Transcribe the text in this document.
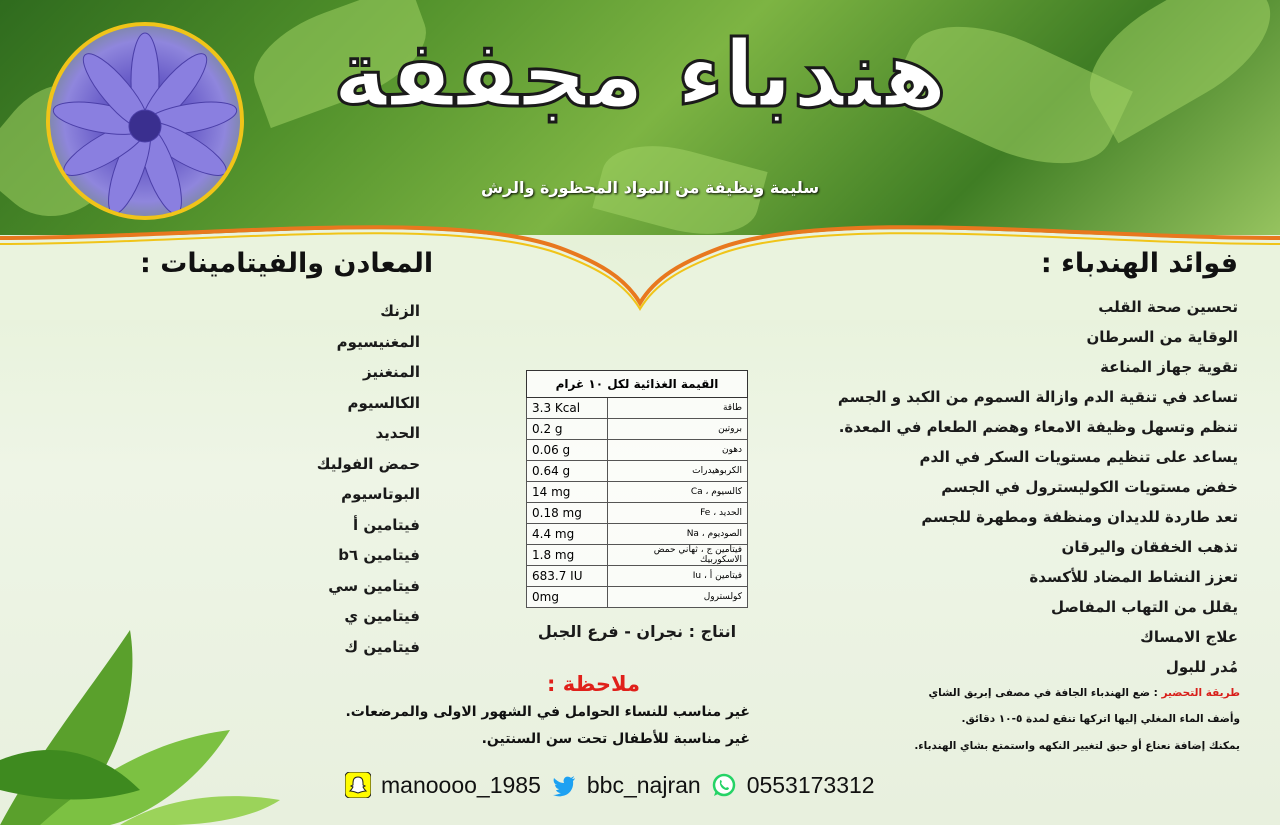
هندباء مجففة
سليمة ونظيفة من المواد المحظورة والرش
فوائد الهندباء :
تحسين صحة القلب
الوقاية من السرطان
تقوية جهاز المناعة
تساعد في تنقية الدم وازالة السموم من الكبد و الجسم
تنظم وتسهل وظيفة الامعاء وهضم الطعام في المعدة.
يساعد على تنظيم مستويات السكر في الدم
خفض مستويات الكوليسترول في الجسم
تعد طاردة للديدان ومنظفة ومطهرة للجسم
تذهب الخفقان واليرقان
تعزز النشاط المضاد للأكسدة
يقلل من التهاب المفاصل
علاج الامساك
مُدر للبول
المعادن والفيتامينات :
الزنك
المغنيسيوم
المنغنيز
الكالسيوم
الحديد
حمض الفوليك
البوتاسيوم
فيتامين أ
فيتامين b٦
فيتامين سي
فيتامين ي
فيتامين ك
القيمة الغذائية لكل ١٠ غرام	
3.3 Kcal	طاقة
0.2 g	بروتين
0.06 g	دهون
0.64 g	الكربوهيدرات
14 mg	كالسيوم ، Ca
0.18 mg	الحديد ، Fe
4.4 mg	الصوديوم ، Na
1.8 mg	فيتامين ج ، ثهاني حمض الاسكوربيك
683.7 IU	فيتامين أ ، Iu
0mg	كولسترول
انتاج : نجران - فرع الجبل
ملاحظة :
غير مناسب للنساء الحوامل في الشهور الاولى والمرضعات.
غير مناسبة للأطفال تحت سن السنتين.
طريقة التحضير : ضع الهندباء الجافة في مصفى إبريق الشاي
وأضف الماء المغلي إليها اتركها تنقع لمدة ٥-١٠ دقائق.
يمكنك إضافة نعناع أو حبق لتغيير النكهه واستمتع بشاي الهندباء.
manoooo_1985 bbc_najran 0553173312
